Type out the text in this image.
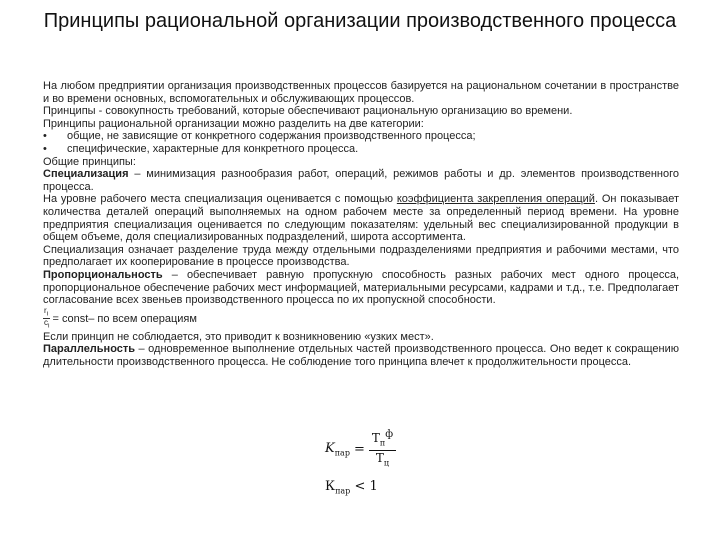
Принципы рациональной организации производственного процесса

На любом предприятии организация производственных процессов базируется на рациональном сочетании в пространстве и во времени основных, вспомогательных и обслуживающих процессов.

Принципы - совокупность требований, которые обеспечивают рациональную организацию во времени.

Принципы рациональной организации можно разделить на две категории:

•	общие, не зависящие от конкретного содержания производственного процесса;
•	специфические, характерные для конкретного процесса.

Общие принципы:

Специализация – минимизация разнообразия работ, операций, режимов работы и др. элементов производственного процесса.

На уровне рабочего места специализация оценивается с помощью коэффициента закрепления операций. Он показывает количества деталей операций выполняемых на одном рабочем месте за определенный период времени. На уровне предприятия специализация оценивается по следующим показателям: удельный вес специализированной продукции в общем объеме, доля специализированных подразделений, широта ассортимента.

Специализация означает разделение труда между отдельными подразделениями предприятия и рабочими местами, что предполагает их кооперирование в процессе производства.

Пропорциональность – обеспечивает равную пропускную способность разных рабочих мест одного процесса, пропорциональное обеспечение рабочих мест информацией, материальными ресурсами, кадрами и т.д., т.е. Предполагает согласование всех звеньев производственного процесса по их пропускной способности.

$\frac{r_i}{c_i}$ = const– по всем операциям

Если принцип не соблюдается, это приводит к возникновению «узких мест».

Параллельность – одновременное выполнение отдельных частей производственного процесса. Оно ведет к сокращению длительности производственного процесса. Не соблюдение того принципа влечет к продолжительности процесса.

$K_{пар} = \frac{Т_п^ф}{Т_ц}$
$К_{пар} < 1$
